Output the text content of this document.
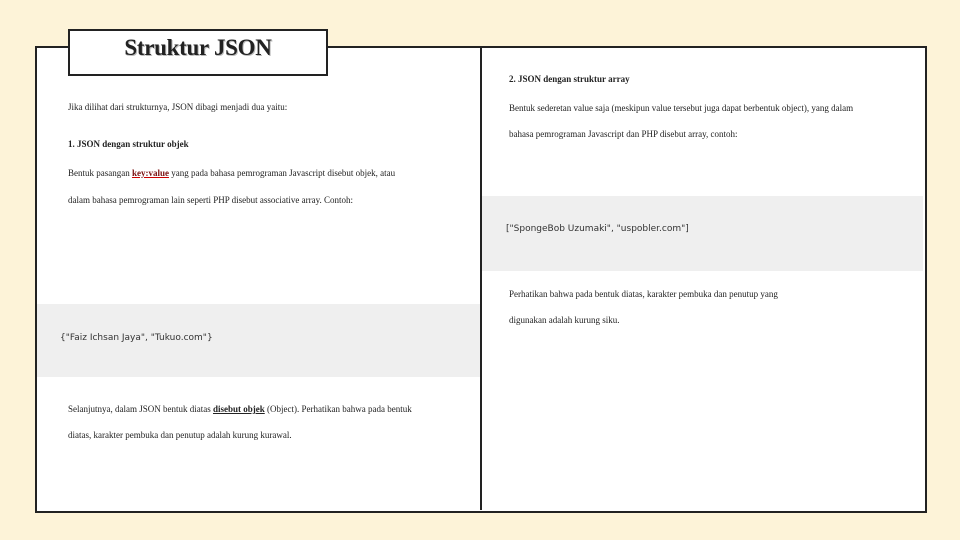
Struktur JSON
Jika dilihat dari strukturnya, JSON dibagi menjadi dua yaitu:
1. JSON dengan struktur objek
Bentuk pasangan key:value yang pada bahasa pemrograman Javascript disebut objek, atau
dalam bahasa pemrograman lain seperti PHP disebut associative array. Contoh:
{"Faiz Ichsan Jaya", "Tukuo.com"}
Selanjutnya, dalam JSON bentuk diatas disebut objek (Object). Perhatikan bahwa pada bentuk
diatas, karakter pembuka dan penutup adalah kurung kurawal.
2. JSON dengan struktur array
Bentuk sederetan value saja (meskipun value tersebut juga dapat berbentuk object), yang dalam
bahasa pemrograman Javascript dan PHP disebut array, contoh:
["SpongeBob Uzumaki", "uspobler.com"]
Perhatikan bahwa pada bentuk diatas, karakter pembuka dan penutup yang
digunakan adalah kurung siku.
